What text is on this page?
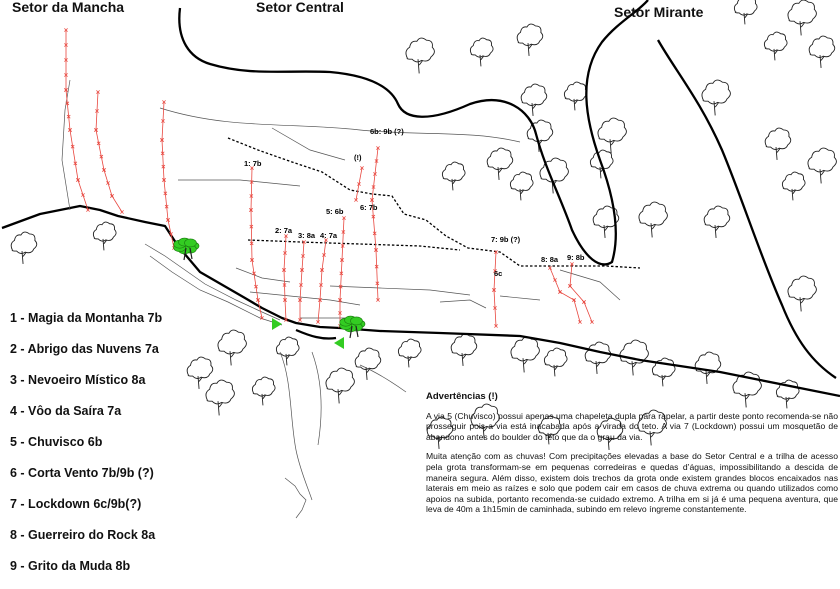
1: 7b
2: 7a
3: 8a 4: 7a
5: 6b 6: 7b
6b: 9b (?)
(!)
7: 9b (?)
6c
8: 8a 9: 8b
Setor da Mancha	Setor Central	Setor Mirante
1 - Magia da Montanha 7b
2 - Abrigo das Nuvens 7a
3 - Nevoeiro Místico 8a
4 - Vôo da Saíra 7a
5 - Chuvisco 6b
6 - Corta Vento 7b/9b (?)
7 - Lockdown 6c/9b(?)
8 - Guerreiro do Rock 8a
9 - Grito da Muda 8b
Advertências (!)

A via 5 (Chuvisco) possui apenas uma chapeleta dupla para rapelar, a partir deste ponto recomenda-se não prosseguir pois a via está inacabada após a virada do teto. A via 7 (Lockdown) possui um mosquetão de abandono antes do boulder do teto que da o grau da via.

Muita atenção com as chuvas! Com precipitações elevadas a base do Setor Central e a trilha de acesso pela grota transformam-se em pequenas corredeiras e quedas d’águas, impossibilitando a descida de maneira segura. Além disso, existem dois trechos da grota onde existem grandes blocos encaixados nas laterais em meio as raízes e solo que podem cair em casos de chuva extrema ou quando utilizados como apoios na subida, portanto recomenda-se cuidado extremo. A trilha em si já é uma pequena aventura, que leva de 40m a 1h15min de caminhada, subindo em relevo íngreme constantemente.
